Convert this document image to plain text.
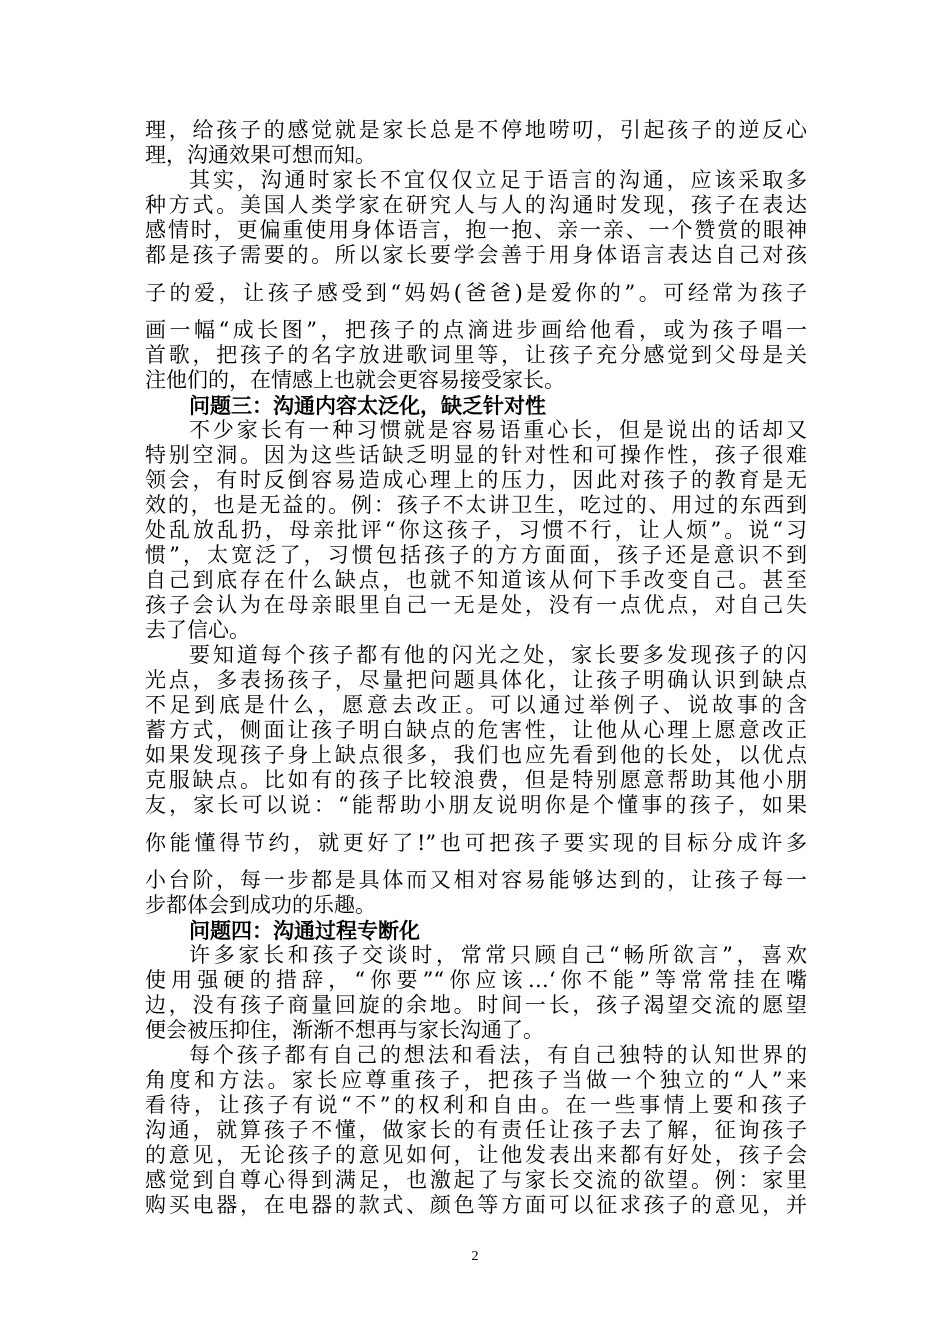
理，给孩子的感觉就是家长总是不停地唠叨，引起孩子的逆反心
理，沟通效果可想而知。
其实，沟通时家长不宜仅仅立足于语言的沟通，应该采取多
种方式。美国人类学家在研究人与人的沟通时发现，孩子在表达
感情时，更偏重使用身体语言，抱一抱、亲一亲、一个赞赏的眼神
都是孩子需要的。所以家长要学会善于用身体语言表达自己对孩
子的爱，让孩子感受到“妈妈(爸爸)是爱你的”。可经常为孩子
画一幅“成长图”，把孩子的点滴进步画给他看，或为孩子唱一
首歌，把孩子的名字放进歌词里等，让孩子充分感觉到父母是关
注他们的，在情感上也就会更容易接受家长。
问题三：沟通内容太泛化，缺乏针对性
不少家长有一种习惯就是容易语重心长，但是说出的话却又
特别空洞。因为这些话缺乏明显的针对性和可操作性，孩子很难
领会，有时反倒容易造成心理上的压力，因此对孩子的教育是无
效的，也是无益的。例：孩子不太讲卫生，吃过的、用过的东西到
处乱放乱扔，母亲批评“你这孩子，习惯不行，让人烦”。说“习
惯”，太宽泛了，习惯包括孩子的方方面面，孩子还是意识不到
自己到底存在什么缺点，也就不知道该从何下手改变自己。甚至
孩子会认为在母亲眼里自己一无是处，没有一点优点，对自己失
去了信心。
要知道每个孩子都有他的闪光之处，家长要多发现孩子的闪
光点，多表扬孩子，尽量把问题具体化，让孩子明确认识到缺点
不足到底是什么，愿意去改正。可以通过举例子、说故事的含
蓄方式，侧面让孩子明白缺点的危害性，让他从心理上愿意改正
如果发现孩子身上缺点很多，我们也应先看到他的长处，以优点
克服缺点。比如有的孩子比较浪费，但是特别愿意帮助其他小朋
友，家长可以说：“能帮助小朋友说明你是个懂事的孩子，如果
你能懂得节约，就更好了!”也可把孩子要实现的目标分成许多
小台阶，每一步都是具体而又相对容易能够达到的，让孩子每一
步都体会到成功的乐趣。
问题四：沟通过程专断化
许多家长和孩子交谈时，常常只顾自己“畅所欲言”，喜欢
使用强硬的措辞，“你要”“你应该…‘你不能”等常常挂在嘴
边，没有孩子商量回旋的余地。时间一长，孩子渴望交流的愿望
便会被压抑住，渐渐不想再与家长沟通了。
每个孩子都有自己的想法和看法，有自己独特的认知世界的
角度和方法。家长应尊重孩子，把孩子当做一个独立的“人”来
看待，让孩子有说“不”的权利和自由。在一些事情上要和孩子
沟通，就算孩子不懂，做家长的有责任让孩子去了解，征询孩子
的意见，无论孩子的意见如何，让他发表出来都有好处，孩子会
感觉到自尊心得到满足，也激起了与家长交流的欲望。例：家里
购买电器，在电器的款式、颜色等方面可以征求孩子的意见，并
2
